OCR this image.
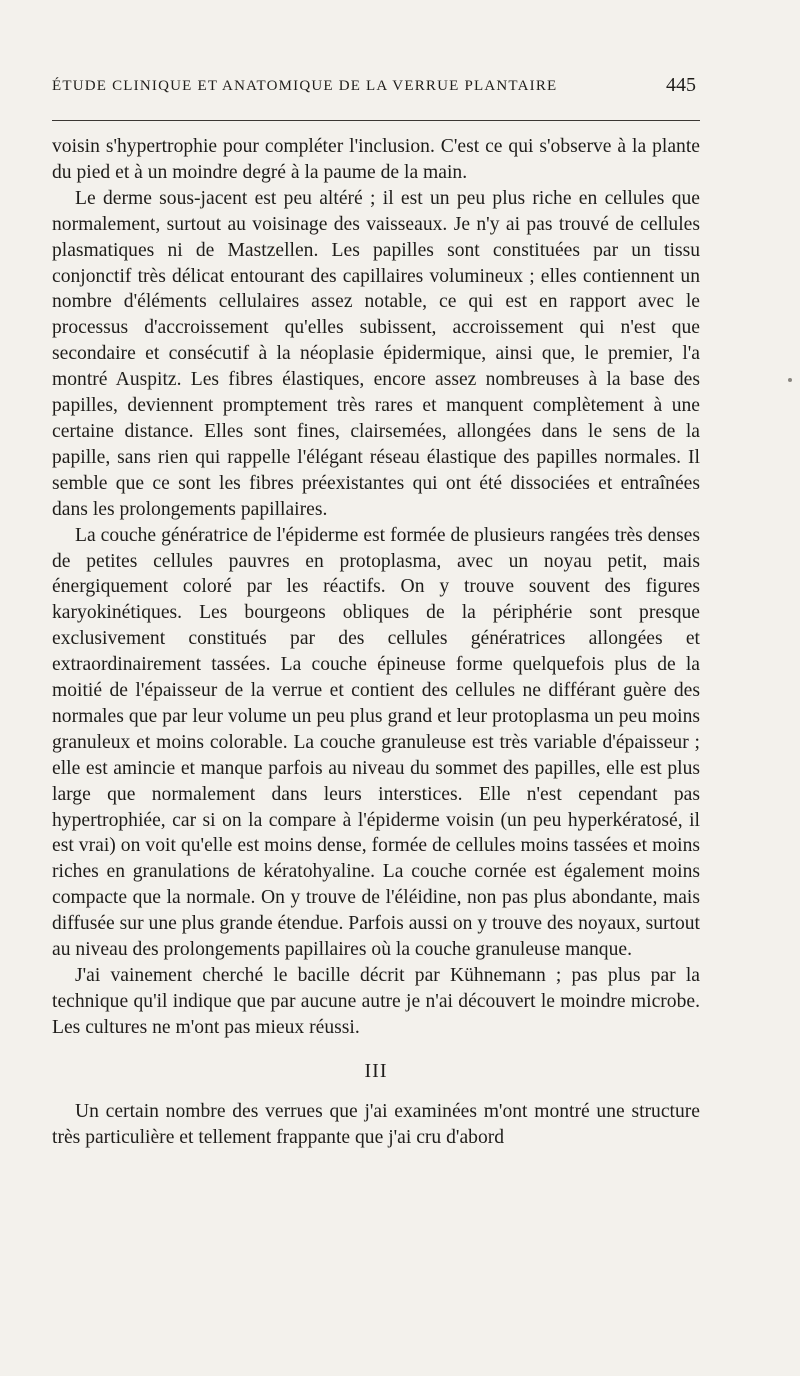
ÉTUDE CLINIQUE ET ANATOMIQUE DE LA VERRUE PLANTAIRE	445

voisin s'hypertrophie pour compléter l'inclusion. C'est ce qui s'observe à la plante du pied et à un moindre degré à la paume de la main.

Le derme sous-jacent est peu altéré ; il est un peu plus riche en cellules que normalement, surtout au voisinage des vaisseaux. Je n'y ai pas trouvé de cellules plasmatiques ni de Mastzellen. Les papilles sont constituées par un tissu conjonctif très délicat entourant des capillaires volumineux ; elles contiennent un nombre d'éléments cellulaires assez notable, ce qui est en rapport avec le processus d'accroissement qu'elles subissent, accroissement qui n'est que secondaire et consécutif à la néoplasie épidermique, ainsi que, le premier, l'a montré Auspitz. Les fibres élastiques, encore assez nombreuses à la base des papilles, deviennent promptement très rares et manquent complètement à une certaine distance. Elles sont fines, clairsemées, allongées dans le sens de la papille, sans rien qui rappelle l'élégant réseau élastique des papilles normales. Il semble que ce sont les fibres préexistantes qui ont été dissociées et entraînées dans les prolongements papillaires.

La couche génératrice de l'épiderme est formée de plusieurs rangées très denses de petites cellules pauvres en protoplasma, avec un noyau petit, mais énergiquement coloré par les réactifs. On y trouve souvent des figures karyokinétiques. Les bourgeons obliques de la périphérie sont presque exclusivement constitués par des cellules génératrices allongées et extraordinairement tassées. La couche épineuse forme quelquefois plus de la moitié de l'épaisseur de la verrue et contient des cellules ne différant guère des normales que par leur volume un peu plus grand et leur protoplasma un peu moins granuleux et moins colorable. La couche granuleuse est très variable d'épaisseur ; elle est amincie et manque parfois au niveau du sommet des papilles, elle est plus large que normalement dans leurs interstices. Elle n'est cependant pas hypertrophiée, car si on la compare à l'épiderme voisin (un peu hyperkératosé, il est vrai) on voit qu'elle est moins dense, formée de cellules moins tassées et moins riches en granulations de kératohyaline. La couche cornée est également moins compacte que la normale. On y trouve de l'éléidine, non pas plus abondante, mais diffusée sur une plus grande étendue. Parfois aussi on y trouve des noyaux, surtout au niveau des prolongements papillaires où la couche granuleuse manque.

J'ai vainement cherché le bacille décrit par Kühnemann ; pas plus par la technique qu'il indique que par aucune autre je n'ai découvert le moindre microbe. Les cultures ne m'ont pas mieux réussi.

III

Un certain nombre des verrues que j'ai examinées m'ont montré une structure très particulière et tellement frappante que j'ai cru d'abord
